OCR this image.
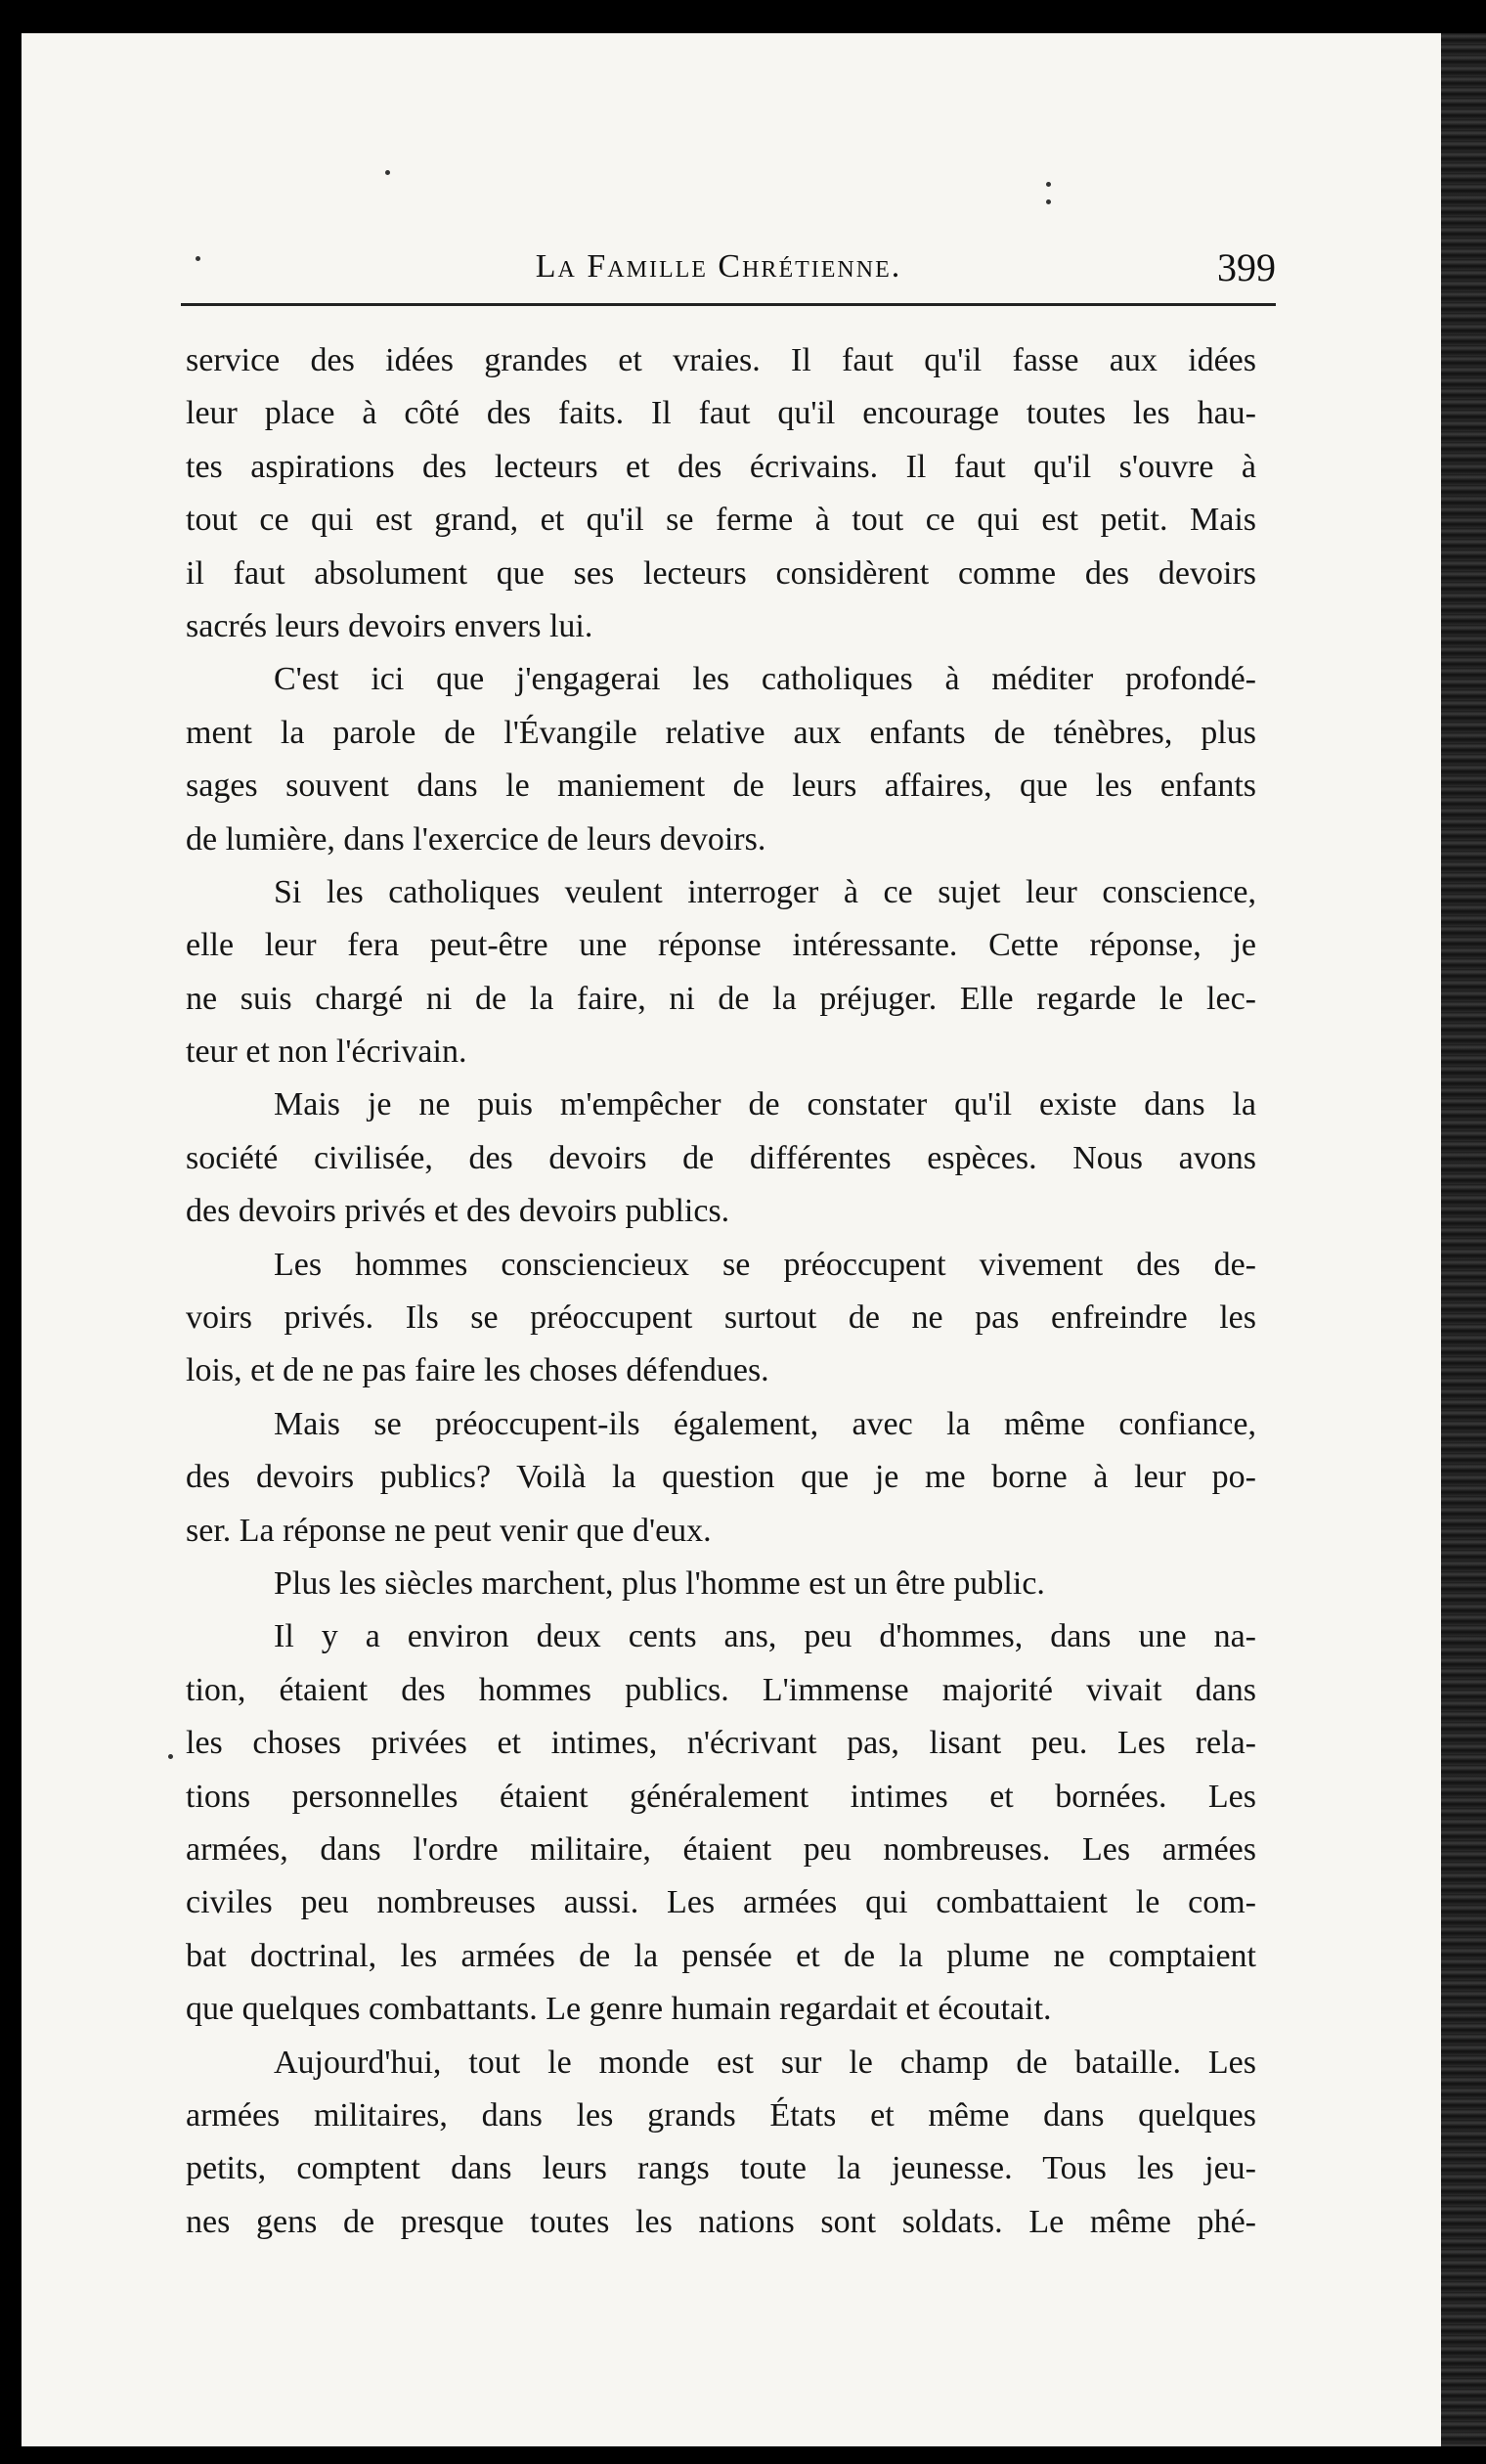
La Famille Chrétienne.	399
service des idées grandes et vraies. Il faut qu'il fasse aux idées
leur place à côté des faits. Il faut qu'il encourage toutes les hau-
tes aspirations des lecteurs et des écrivains. Il faut qu'il s'ouvre à
tout ce qui est grand, et qu'il se ferme à tout ce qui est petit. Mais
il faut absolument que ses lecteurs considèrent comme des devoirs
sacrés leurs devoirs envers lui.
C'est ici que j'engagerai les catholiques à méditer profondé-
ment la parole de l'Évangile relative aux enfants de ténèbres, plus
sages souvent dans le maniement de leurs affaires, que les enfants
de lumière, dans l'exercice de leurs devoirs.
Si les catholiques veulent interroger à ce sujet leur conscience,
elle leur fera peut-être une réponse intéressante. Cette réponse, je
ne suis chargé ni de la faire, ni de la préjuger. Elle regarde le lec-
teur et non l'écrivain.
Mais je ne puis m'empêcher de constater qu'il existe dans la
société civilisée, des devoirs de différentes espèces. Nous avons
des devoirs privés et des devoirs publics.
Les hommes consciencieux se préoccupent vivement des de-
voirs privés. Ils se préoccupent surtout de ne pas enfreindre les
lois, et de ne pas faire les choses défendues.
Mais se préoccupent-ils également, avec la même confiance,
des devoirs publics? Voilà la question que je me borne à leur po-
ser. La réponse ne peut venir que d'eux.
Plus les siècles marchent, plus l'homme est un être public.
Il y a environ deux cents ans, peu d'hommes, dans une na-
tion, étaient des hommes publics. L'immense majorité vivait dans
les choses privées et intimes, n'écrivant pas, lisant peu. Les rela-
tions personnelles étaient généralement intimes et bornées. Les
armées, dans l'ordre militaire, étaient peu nombreuses. Les armées
civiles peu nombreuses aussi. Les armées qui combattaient le com-
bat doctrinal, les armées de la pensée et de la plume ne comptaient
que quelques combattants. Le genre humain regardait et écoutait.
Aujourd'hui, tout le monde est sur le champ de bataille. Les
armées militaires, dans les grands États et même dans quelques
petits, comptent dans leurs rangs toute la jeunesse. Tous les jeu-
nes gens de presque toutes les nations sont soldats. Le même phé-
